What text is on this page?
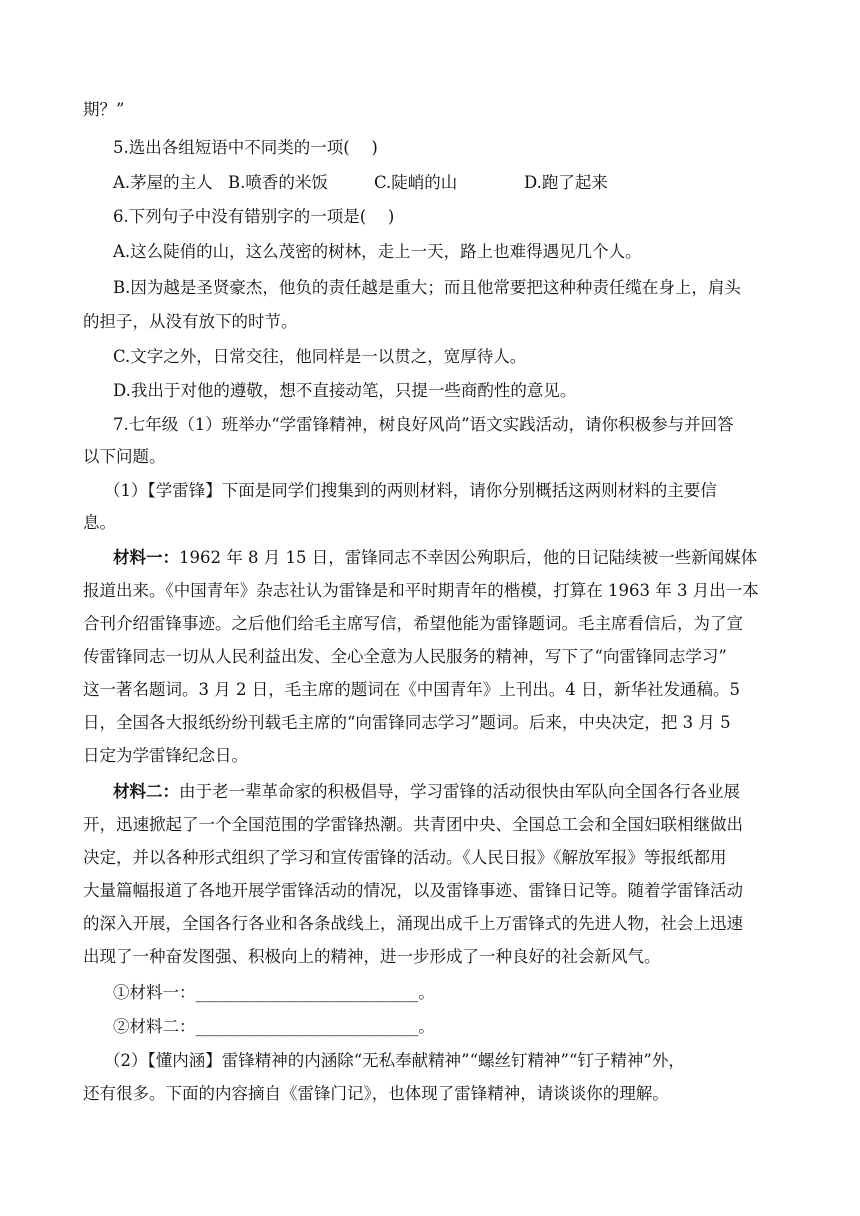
期？”
5.选出各组短语中不同类的一项(　 )
A.茅屋的主人 B.喷香的米饭	C.陡峭的山	D.跑了起来
6.下列句子中没有错别字的一项是(　 )
A.这么陡俏的山，这么茂密的树林，走上一天，路上也难得遇见几个人。
B.因为越是圣贤豪杰，他负的责任越是重大；而且他常要把这种种责任缆在身上，肩头
的担子，从没有放下的时节。
C.文字之外，日常交往，他同样是一以贯之，宽厚待人。
D.我出于对他的遵敬，想不直接动笔，只提一些商酌性的意见。
7.七年级（1）班举办“学雷锋精神，树良好风尚”语文实践活动，请你积极参与并回答
以下问题。
（1）【学雷锋】下面是同学们搜集到的两则材料，请你分别概括这两则材料的主要信
息。
材料一：1962 年 8 月 15 日，雷锋同志不幸因公殉职后，他的日记陆续被一些新闻媒体
报道出来。《中国青年》杂志社认为雷锋是和平时期青年的楷模，打算在 1963 年 3 月出一本
合刊介绍雷锋事迹。之后他们给毛主席写信，希望他能为雷锋题词。毛主席看信后，为了宣
传雷锋同志一切从人民利益出发、全心全意为人民服务的精神，写下了“向雷锋同志学习”
这一著名题词。3 月 2 日，毛主席的题词在《中国青年》上刊出。4 日，新华社发通稿。5
日，全国各大报纸纷纷刊载毛主席的“向雷锋同志学习”题词。后来，中央决定，把 3 月 5
日定为学雷锋纪念日。
材料二：由于老一辈革命家的积极倡导，学习雷锋的活动很快由军队向全国各行各业展
开，迅速掀起了一个全国范围的学雷锋热潮。共青团中央、全国总工会和全国妇联相继做出
决定，并以各种形式组织了学习和宣传雷锋的活动。《人民日报》《解放军报》等报纸都用
大量篇幅报道了各地开展学雷锋活动的情况，以及雷锋事迹、雷锋日记等。随着学雷锋活动
的深入开展，全国各行各业和各条战线上，涌现出成千上万雷锋式的先进人物，社会上迅速
出现了一种奋发图强、积极向上的精神，进一步形成了一种良好的社会新风气。
①材料一：___________________________。
②材料二：___________________________。
（2）【懂内涵】雷锋精神的内涵除“无私奉献精神”“螺丝钉精神”“钉子精神”外，
还有很多。下面的内容摘自《雷锋门记》，也体现了雷锋精神，请谈谈你的理解。
